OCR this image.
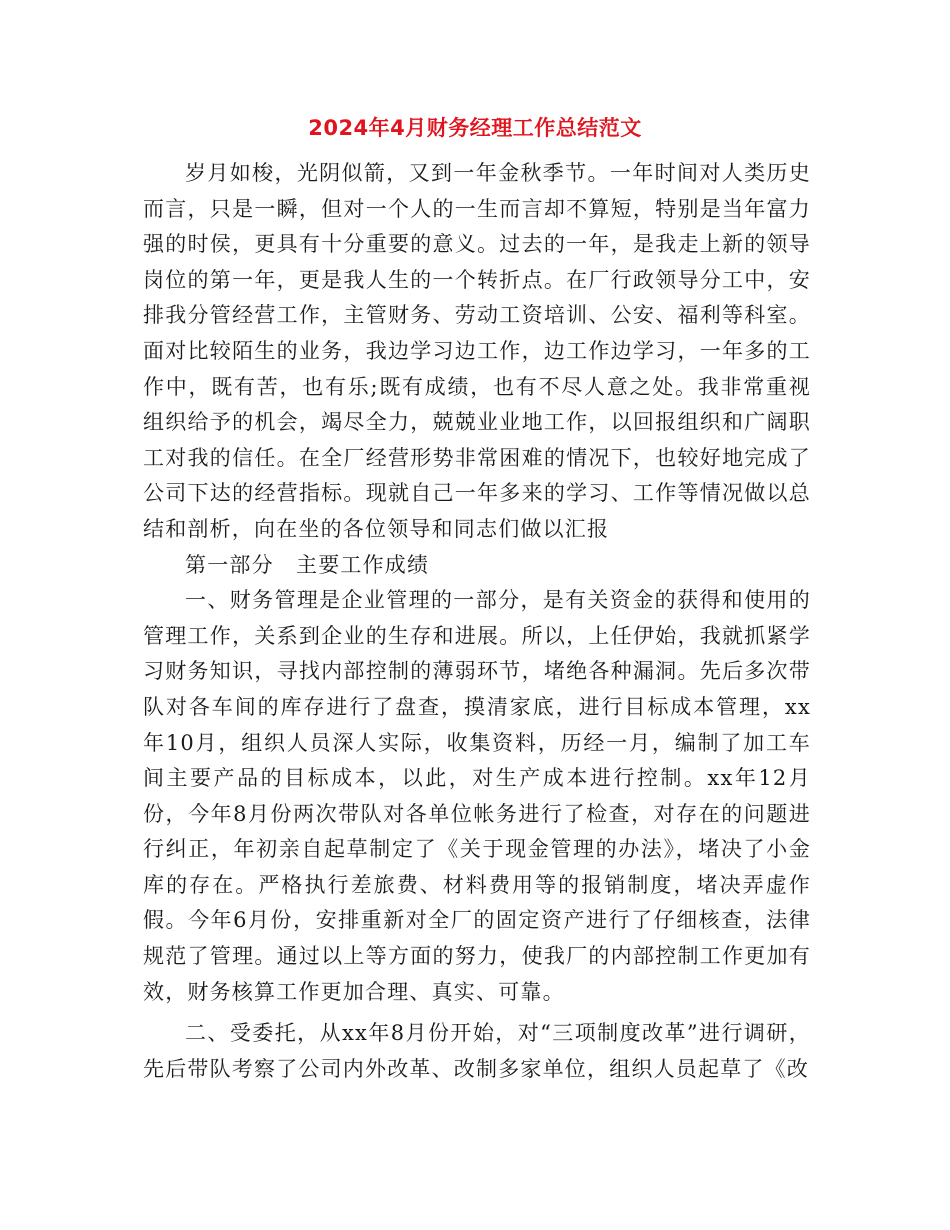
2024年4月财务经理工作总结范文

岁月如梭，光阴似箭，又到一年金秋季节。一年时间对人类历史而言，只是一瞬，但对一个人的一生而言却不算短，特别是当年富力强的时侯，更具有十分重要的意义。过去的一年，是我走上新的领导岗位的第一年，更是我人生的一个转折点。在厂行政领导分工中，安排我分管经营工作，主管财务、劳动工资培训、公安、福利等科室。面对比较陌生的业务，我边学习边工作，边工作边学习，一年多的工作中，既有苦，也有乐;既有成绩，也有不尽人意之处。我非常重视组织给予的机会，竭尽全力，兢兢业业地工作，以回报组织和广阔职工对我的信任。在全厂经营形势非常困难的情况下，也较好地完成了公司下达的经营指标。现就自己一年多来的学习、工作等情况做以总结和剖析，向在坐的各位领导和同志们做以汇报

第一部分　主要工作成绩

一、财务管理是企业管理的一部分，是有关资金的获得和使用的管理工作，关系到企业的生存和进展。所以，上任伊始，我就抓紧学习财务知识，寻找内部控制的薄弱环节，堵绝各种漏洞。先后多次带队对各车间的库存进行了盘查，摸清家底，进行目标成本管理，xx年10月，组织人员深人实际，收集资料，历经一月，编制了加工车间主要产品的目标成本，以此，对生产成本进行控制。xx年12月份，今年8月份两次带队对各单位帐务进行了检查，对存在的问题进行纠正，年初亲自起草制定了《关于现金管理的办法》，堵决了小金库的存在。严格执行差旅费、材料费用等的报销制度，堵决弄虚作假。今年6月份，安排重新对全厂的固定资产进行了仔细核查，法律规范了管理。通过以上等方面的努力，使我厂的内部控制工作更加有效，财务核算工作更加合理、真实、可靠。

二、受委托，从xx年8月份开始，对“三项制度改革”进行调研，先后带队考察了公司内外改革、改制多家单位，组织人员起草了《改
